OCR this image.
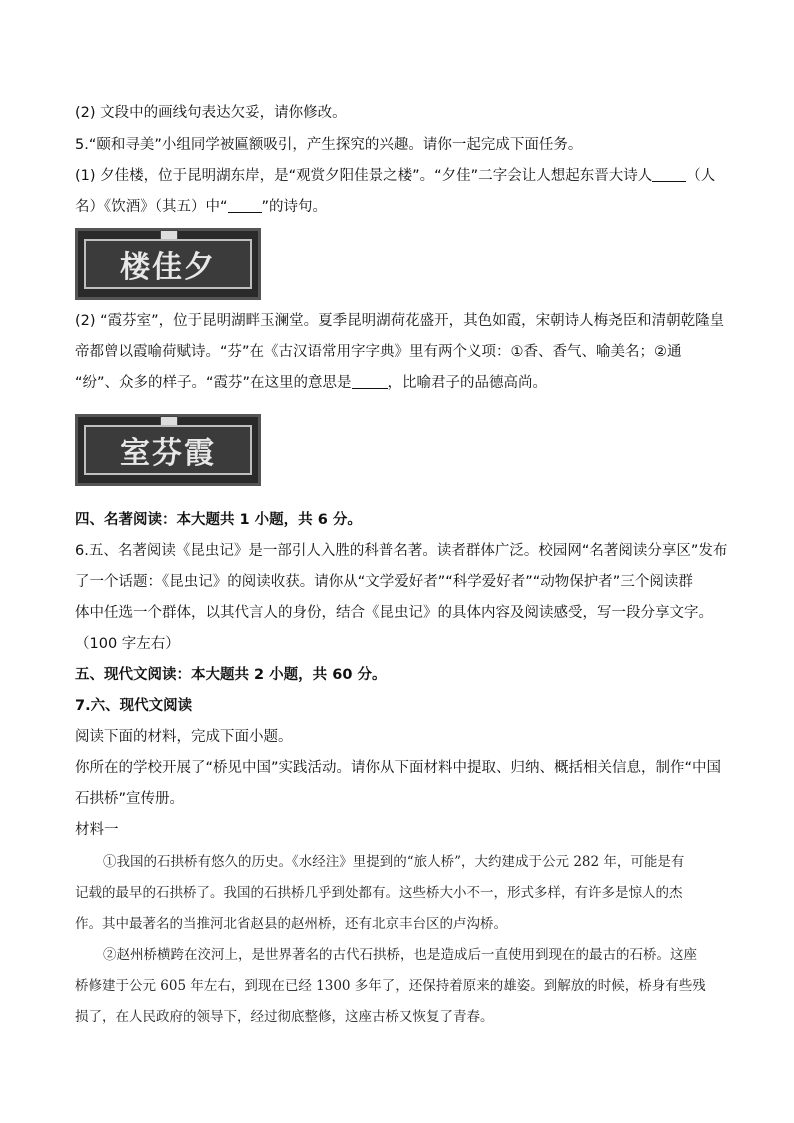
(2) 文段中的画线句表达欠妥，请你修改。
5.“颐和寻美”小组同学被匾额吸引，产生探究的兴趣。请你一起完成下面任务。
(1) 夕佳楼，位于昆明湖东岸，是“观赏夕阳佳景之楼”。“夕佳”二字会让人想起东晋大诗人 （人
名）《饮酒》（其五）中“ ”的诗句。
楼佳夕
(2) “霞芬室”，位于昆明湖畔玉澜堂。夏季昆明湖荷花盛开，其色如霞，宋朝诗人梅尧臣和清朝乾隆皇
帝都曾以霞喻荷赋诗。“芬”在《古汉语常用字字典》里有两个义项：①香、香气、喻美名；②通
“纷”、众多的样子。“霞芬”在这里的意思是 ，比喻君子的品德高尚。
室芬霞
四、名著阅读：本大题共 1 小题，共 6 分。
6.五、名著阅读《昆虫记》是一部引人入胜的科普名著。读者群体广泛。校园网“名著阅读分享区”发布
了一个话题：《昆虫记》的阅读收获。请你从“文学爱好者”“科学爱好者”“动物保护者”三个阅读群
体中任选一个群体，以其代言人的身份，结合《昆虫记》的具体内容及阅读感受，写一段分享文字。
（100 字左右）
五、现代文阅读：本大题共 2 小题，共 60 分。
7.六、现代文阅读
阅读下面的材料，完成下面小题。
你所在的学校开展了“桥见中国”实践活动。请你从下面材料中提取、归纳、概括相关信息，制作“中国
石拱桥”宣传册。
材料一
①我国的石拱桥有悠久的历史。《水经注》里提到的“旅人桥”，大约建成于公元 282 年，可能是有
记载的最早的石拱桥了。我国的石拱桥几乎到处都有。这些桥大小不一，形式多样，有许多是惊人的杰
作。其中最著名的当推河北省赵县的赵州桥，还有北京丰台区的卢沟桥。
②赵州桥横跨在洨河上，是世界著名的古代石拱桥，也是造成后一直使用到现在的最古的石桥。这座
桥修建于公元 605 年左右，到现在已经 1300 多年了，还保持着原来的雄姿。到解放的时候，桥身有些残
损了，在人民政府的领导下，经过彻底整修，这座古桥又恢复了青春。
